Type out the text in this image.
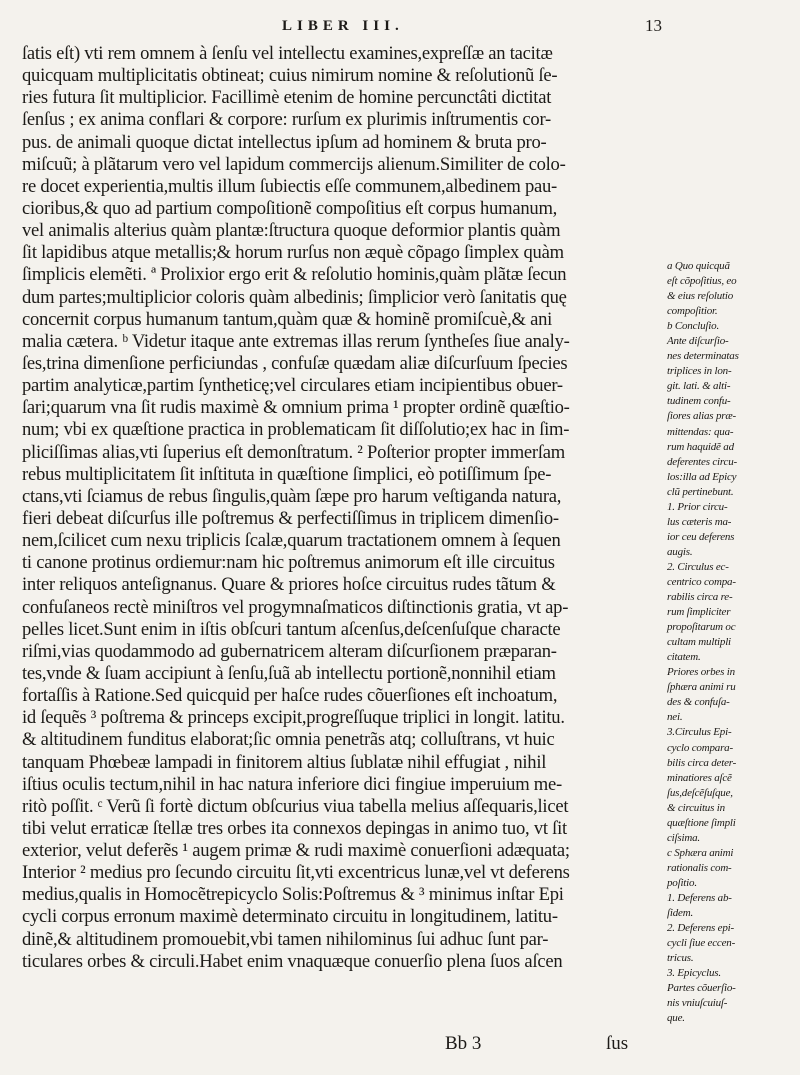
LIBER III.	13
ſatis eſt) vti rem omnem à ſenſu vel intellectu examines,expreſſæ an tacitæ
quicquam multiplicitatis obtineat; cuius nimirum nomine & reſolutionũ ſe-
ries futura ſit multiplicior. Facillimè etenim de homine percunctâti dictitat
ſenſus ; ex anima conflari & corpore: rurſum ex plurimis inſtrumentis cor-
pus. de animali quoque dictat intellectus ipſum ad hominem & bruta pro-
miſcuũ; à plãtarum vero vel lapidum commercijs alienum.Similiter de colo-
re docet experientia,multis illum ſubiectis eſſe communem,albedinem pau-
cioribus,& quo ad partium compoſitionẽ compoſitius eſt corpus humanum,
vel animalis alterius quàm plantæ:ſtructura quoque deformior plantis quàm
ſit lapidibus atque metallis;& horum rurſus non æquè cõpago ſimplex quàm
ſimplicis elemẽti. ª Prolixior ergo erit & reſolutio hominis,quàm plãtæ ſecun
dum partes;multiplicior coloris quàm albedinis; ſimplicior verò ſanitatis quę
concernit corpus humanum tantum,quàm quæ & hominẽ promiſcuè,& ani
malia cætera. ᵇ Videtur itaque ante extremas illas rerum ſyntheſes ſiue analy-
ſes,trina dimenſione perficiundas , confuſæ quædam aliæ diſcurſuum ſpecies
partim analyticæ,partim ſyntheticę;vel circulares etiam incipientibus obuer-
ſari;quarum vna ſit rudis maximè & omnium prima ¹ propter ordinẽ quæſtio-
num; vbi ex quæſtione practica in problematicam ſit diſſolutio;ex hac in ſim-
pliciſſimas alias,vti ſuperius eſt demonſtratum. ² Poſterior propter immerſam
rebus multiplicitatem ſit inſtituta in quæſtione ſimplici, eò potiſſimum ſpe-
ctans,vti ſciamus de rebus ſingulis,quàm ſæpe pro harum veſtiganda natura,
fieri debeat diſcurſus ille poſtremus & perfectiſſimus in triplicem dimenſio-
nem,ſcilicet cum nexu triplicis ſcalæ,quarum tractationem omnem à ſequen
ti canone protinus ordiemur:nam hic poſtremus animorum eſt ille circuitus
inter reliquos anteſignanus. Quare & priores hoſce circuitus rudes tãtum &
confuſaneos rectè miniſtros vel progymnaſmaticos diſtinctionis gratia, vt ap-
pelles licet.Sunt enim in iſtis obſcuri tantum aſcenſus,deſcenſuſque characte
riſmi,vias quodammodo ad gubernatricem alteram diſcurſionem præparan-
tes,vnde & ſuam accipiunt à ſenſu,ſuã ab intellectu portionẽ,nonnihil etiam
fortaſſis à Ratione.Sed quicquid per haſce rudes cõuerſiones eſt inchoatum,
id ſequẽs ³ poſtrema & princeps excipit,progreſſuque triplici in longit. latitu.
& altitudinem funditus elaborat;ſic omnia penetrãs atq; colluſtrans, vt huic
tanquam Phœbeæ lampadi in finitorem altius ſublatæ nihil effugiat , nihil
iſtius oculis tectum,nihil in hac natura inferiore dici fingiue imperuium me-
ritò poſſit. ᶜ Verũ ſi fortè dictum obſcurius viua tabella melius aſſequaris,licet
tibi velut erraticæ ſtellæ tres orbes ita connexos depingas in animo tuo, vt ſit
exterior, velut deferẽs ¹ augem primæ & rudi maximè conuerſioni adæquata;
Interior ² medius pro ſecundo circuitu ſit,vti excentricus lunæ,vel vt deferens
medius,qualis in Homocẽtrepicyclo Solis:Poſtremus & ³ minimus inſtar Epi
cycli corpus erronum maximè determinato circuitu in longitudinem, latitu-
dinẽ,& altitudinem promouebit,vbi tamen nihilominus ſui adhuc ſunt par-
ticulares orbes & circuli.Habet enim vnaquæque conuerſio plena ſuos aſcen
a Quo quicquã
eſt cõpoſitius, eo
& eius reſolutio
compoſitior.
b Concluſio.
Ante diſcurſio-
nes determinatas
triplices in lon-
git. lati. & alti-
tudinem confu-
ſiores alias præ-
mittendas: qua-
rum haquidẽ ad
deferentes circu-
los:illa ad Epicy
clũ pertinebunt.
1. Prior circu-
lus cæteris ma-
ior ceu deferens
augis.
2. Circulus ec-
centrico compa-
rabilis circa re-
rum ſimpliciter
propoſitarum oc
cultam multipli
citatem.
Priores orbes in
ſphæra animi ru
des & confuſa-
nei.
3.Circulus Epi-
cyclo compara-
bilis circa deter-
minatiores aſcẽ
ſus,deſcẽſuſque,
& circuitus in
quæſtione ſimpli
ciſsima.
c Sphæra animi
rationalis com-
poſitio.
1. Deferens ab-
ſidem.
2. Deferens epi-
cycli ſiue eccen-
tricus.
3. Epicyclus.
Partes cõuerſio-
nis vniuſcuiuſ-
que.
Bb 3	ſus
